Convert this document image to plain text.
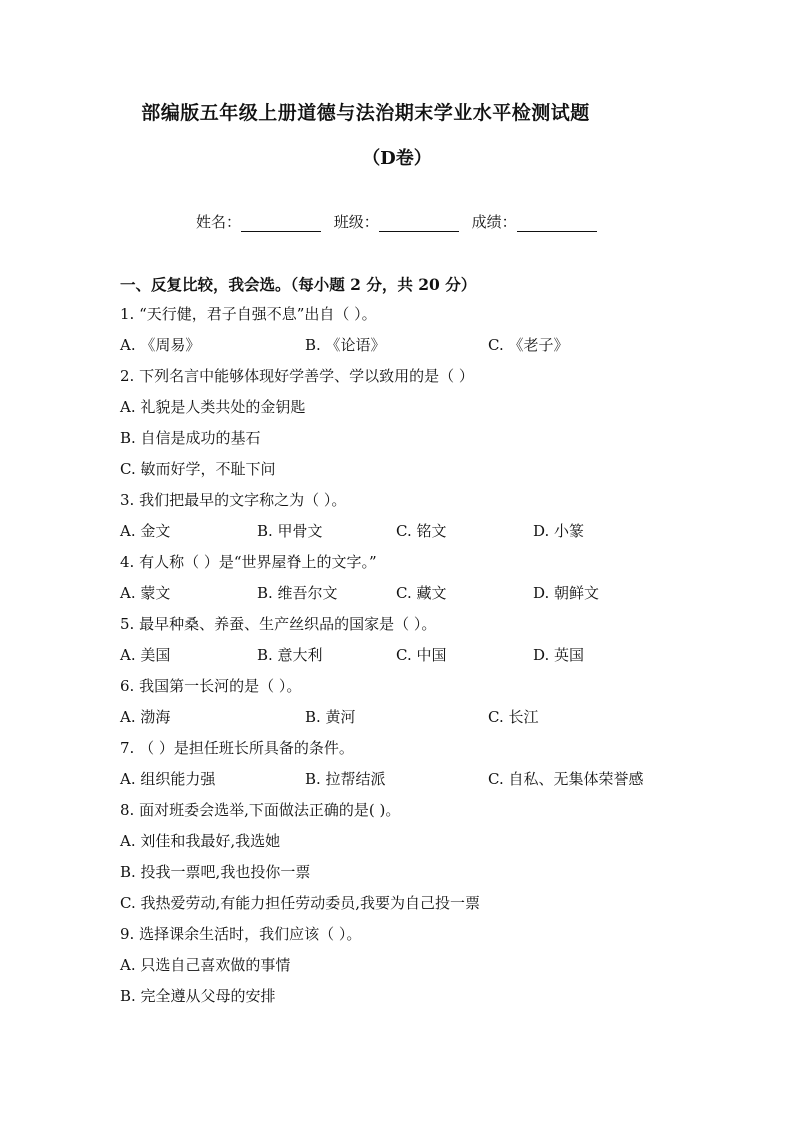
部编版五年级上册道德与法治期末学业水平检测试题
（D卷）
姓名：	班级：	成绩：
一、反复比较，我会选。（每小题 2 分，共 20 分）
1. “天行健，君子自强不息”出自（ ）。
A. 《周易》	B. 《论语》	C. 《老子》
2. 下列名言中能够体现好学善学、学以致用的是（ ）
A. 礼貌是人类共处的金钥匙
B. 自信是成功的基石
C. 敏而好学，不耻下问
3. 我们把最早的文字称之为（ ）。
A. 金文	B. 甲骨文	C. 铭文	D. 小篆
4. 有人称（ ）是“世界屋脊上的文字。”
A. 蒙文	B. 维吾尔文	C. 藏文	D. 朝鲜文
5. 最早种桑、养蚕、生产丝织品的国家是（ ）。
A. 美国	B. 意大利	C. 中国	D. 英国
6. 我国第一长河的是（ ）。
A. 渤海	B. 黄河	C. 长江
7. （ ）是担任班长所具备的条件。
A. 组织能力强	B. 拉帮结派	C. 自私、无集体荣誉感
8. 面对班委会选举,下面做法正确的是( )。
A. 刘佳和我最好,我选她
B. 投我一票吧,我也投你一票
C. 我热爱劳动,有能力担任劳动委员,我要为自己投一票
9. 选择课余生活时，我们应该（ ）。
A. 只选自己喜欢做的事情
B. 完全遵从父母的安排
